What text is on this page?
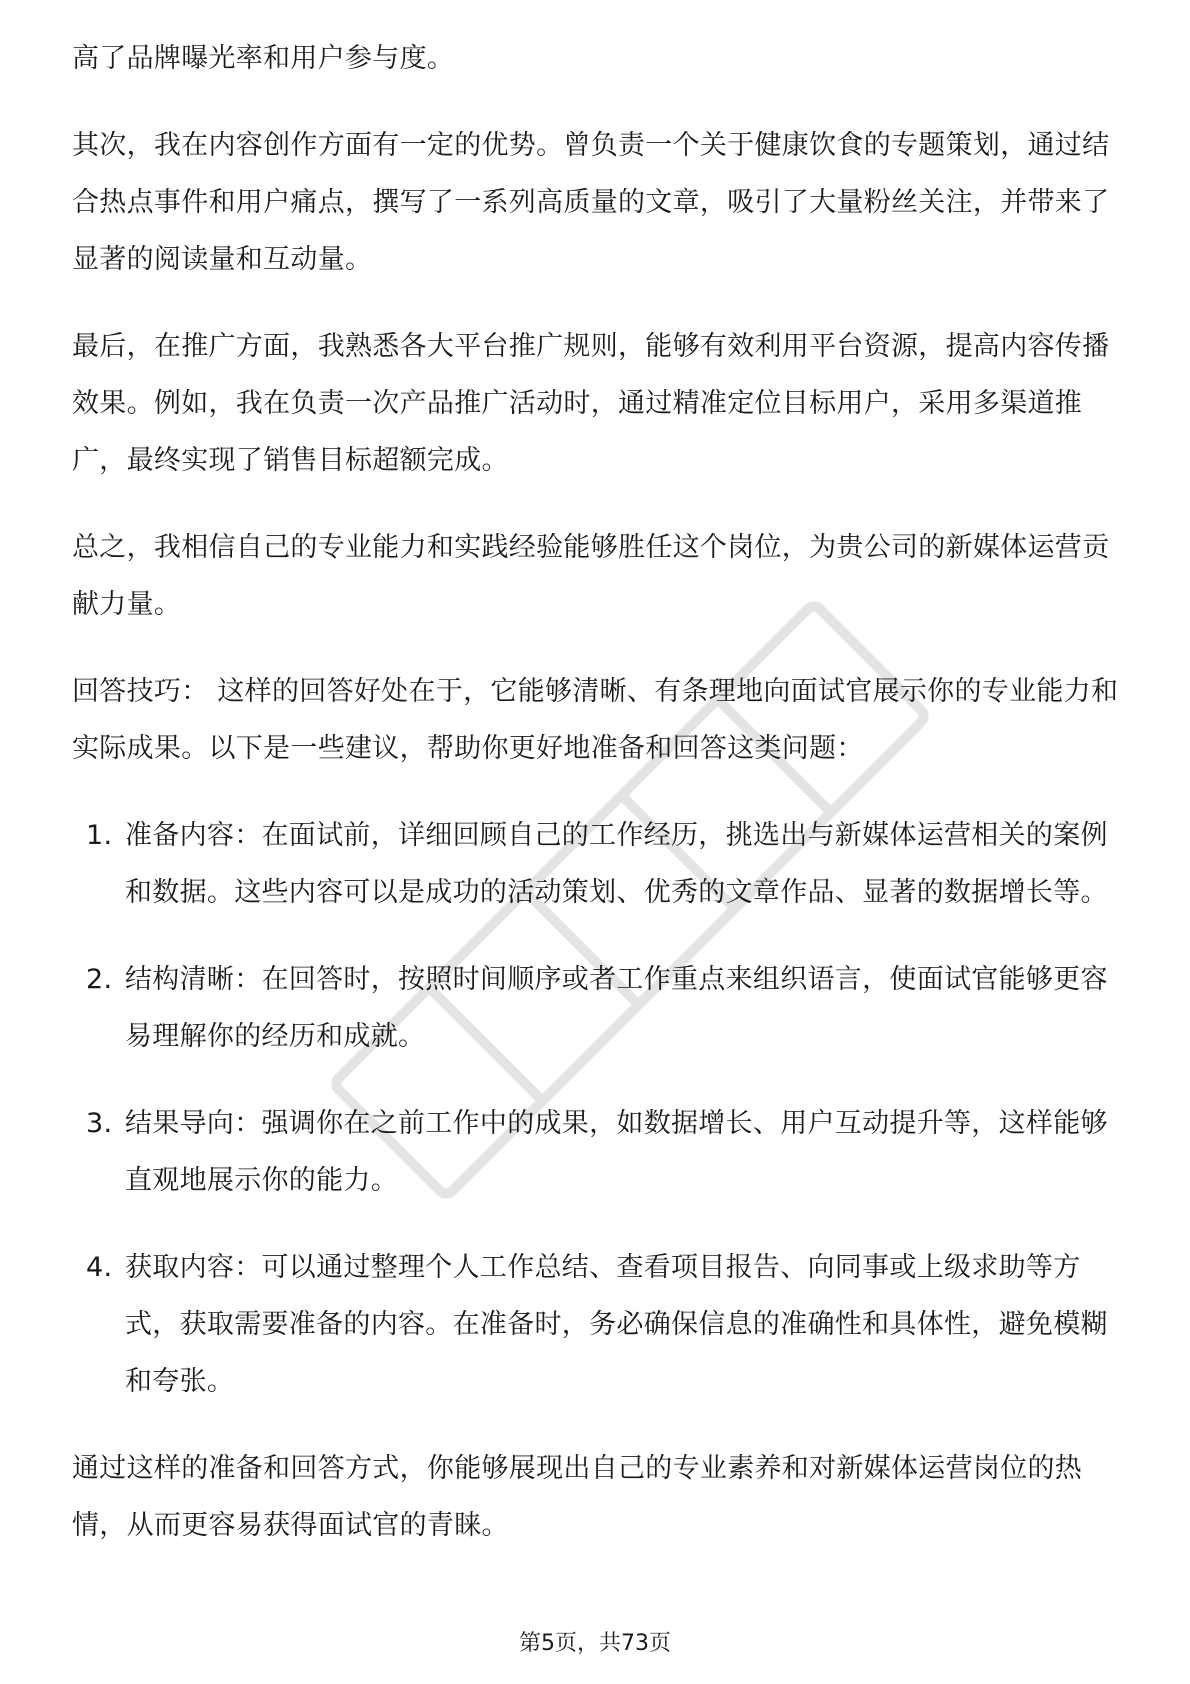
高了品牌曝光率和用户参与度。

其次，我在内容创作方面有一定的优势。曾负责一个关于健康饮食的专题策划，通过结合热点事件和用户痛点，撰写了一系列高质量的文章，吸引了大量粉丝关注，并带来了显著的阅读量和互动量。

最后，在推广方面，我熟悉各大平台推广规则，能够有效利用平台资源，提高内容传播效果。例如，我在负责一次产品推广活动时，通过精准定位目标用户，采用多渠道推广，最终实现了销售目标超额完成。

总之，我相信自己的专业能力和实践经验能够胜任这个岗位，为贵公司的新媒体运营贡献力量。

回答技巧： 这样的回答好处在于，它能够清晰、有条理地向面试官展示你的专业能力和实际成果。以下是一些建议，帮助你更好地准备和回答这类问题：

1. 准备内容：在面试前，详细回顾自己的工作经历，挑选出与新媒体运营相关的案例和数据。这些内容可以是成功的活动策划、优秀的文章作品、显著的数据增长等。
2. 结构清晰：在回答时，按照时间顺序或者工作重点来组织语言，使面试官能够更容易理解你的经历和成就。
3. 结果导向：强调你在之前工作中的成果，如数据增长、用户互动提升等，这样能够直观地展示你的能力。
4. 获取内容：可以通过整理个人工作总结、查看项目报告、向同事或上级求助等方式，获取需要准备的内容。在准备时，务必确保信息的准确性和具体性，避免模糊和夸张。

通过这样的准备和回答方式，你能够展现出自己的专业素养和对新媒体运营岗位的热情，从而更容易获得面试官的青睐。

第5页，共73页
